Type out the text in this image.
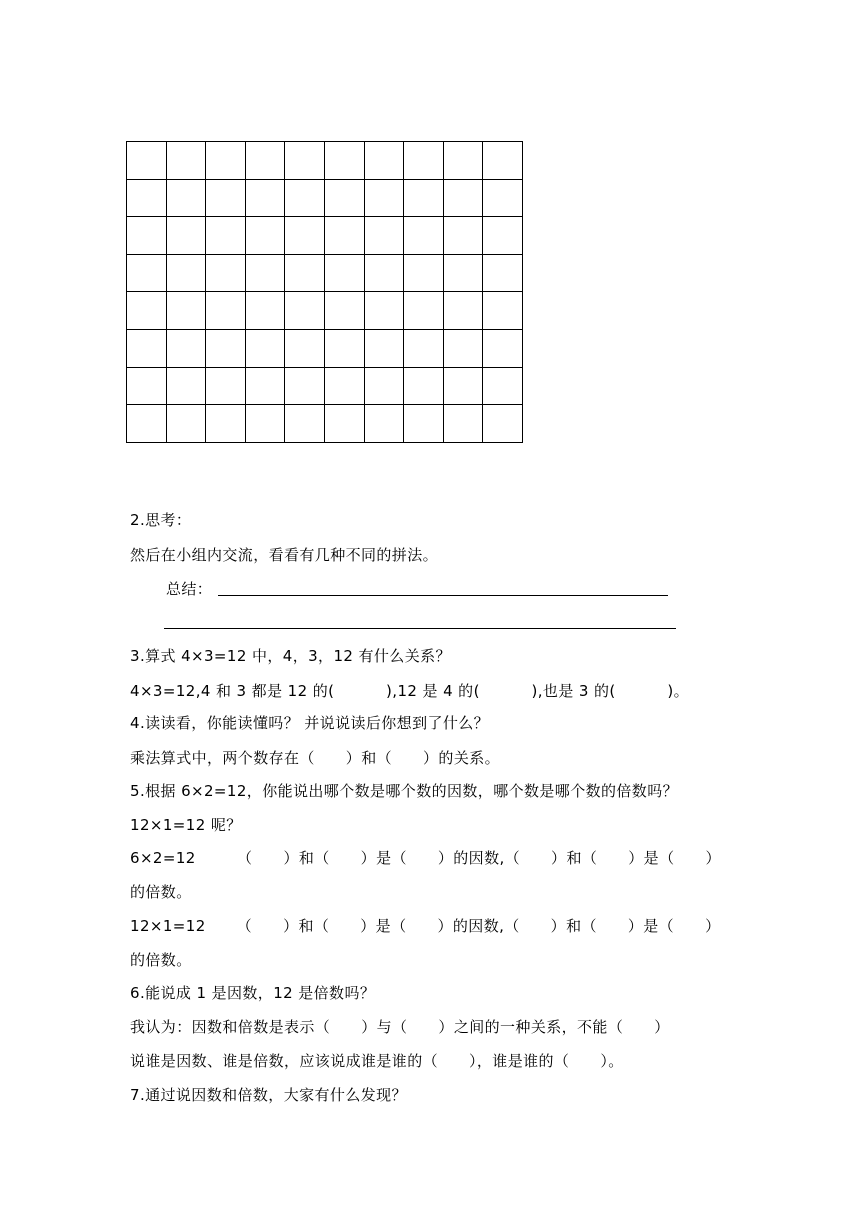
2.思考：
然后在小组内交流，看看有几种不同的拼法。
总结：
3.算式 4×3=12 中，4，3，12 有什么关系？
4×3=12,4 和 3 都是 12 的(          ),12 是 4 的(          ),也是 3 的(          )。
4.读读看，你能读懂吗？ 并说说读后你想到了什么？
乘法算式中，两个数存在（      ）和（      ）的关系。
5.根据 6×2=12，你能说出哪个数是哪个数的因数，哪个数是哪个数的倍数吗？
12×1=12 呢？
6×2=12        （      ）和（      ）是（      ）的因数,（      ）和（      ）是（      ）
的倍数。
12×1=12      （      ）和（      ）是（      ）的因数,（      ）和（      ）是（      ）
的倍数。
6.能说成 1 是因数，12 是倍数吗？
我认为：因数和倍数是表示（      ）与（      ）之间的一种关系，不能（      ）
说谁是因数、谁是倍数，应该说成谁是谁的（      ），谁是谁的（      ）。
7.通过说因数和倍数，大家有什么发现？
